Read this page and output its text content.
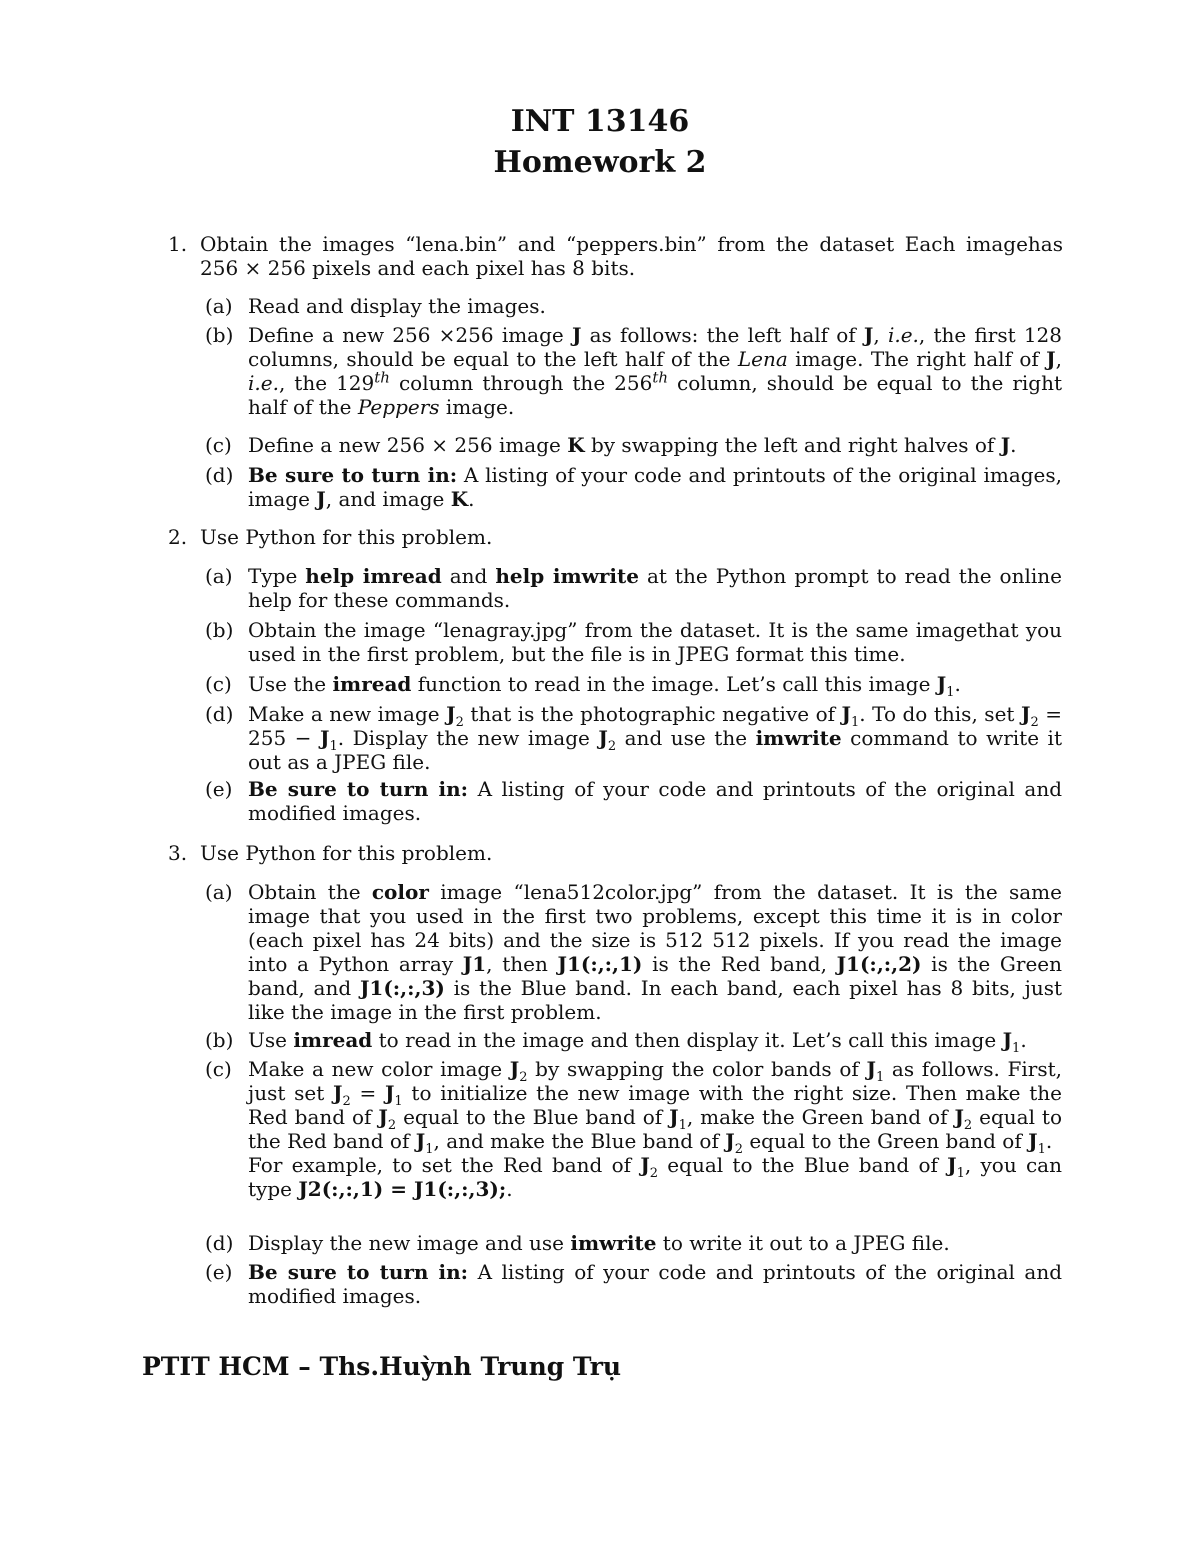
INT 13146
Homework 2
1. Obtain the images “lena.bin” and “peppers.bin” from the dataset Each imagehas 256 × 256 pixels and each pixel has 8 bits.
(a) Read and display the images.
(b) Define a new 256 ×256 image J as follows: the left half of J, i.e., the first 128 columns, should be equal to the left half of the Lena image. The right half of J, i.e., the 129th column through the 256th column, should be equal to the right half of the Peppers image.
(c) Define a new 256 × 256 image K by swapping the left and right halves of J.
(d) Be sure to turn in: A listing of your code and printouts of the original images, image J, and image K.
2. Use Python for this problem.
(a) Type help imread and help imwrite at the Python prompt to read the online help for these commands.
(b) Obtain the image “lenagray.jpg” from the dataset. It is the same imagethat you used in the first problem, but the file is in JPEG format this time.
(c) Use the imread function to read in the image. Let’s call this image $J_1$.
(d) Make a new image $J_2$ that is the photographic negative of $J_1$. To do this, set $J_2 = 255 - J_1$. Display the new image $J_2$ and use the imwrite command to write it out as a JPEG file.
(e) Be sure to turn in: A listing of your code and printouts of the original and modified images.
3. Use Python for this problem.
(a) Obtain the color image “lena512color.jpg” from the dataset. It is the same image that you used in the first two problems, except this time it is in color (each pixel has 24 bits) and the size is 512 512 pixels. If you read the image into a Python array J1, then J1(:,:,1) is the Red band, J1(:,:,2) is the Green band, and J1(:,:,3) is the Blue band. In each band, each pixel has 8 bits, just like the image in the first problem.
(b) Use imread to read in the image and then display it. Let’s call this image $J_1$.
(c) Make a new color image $J_2$ by swapping the color bands of $J_1$ as follows. First, just set $J_2 = J_1$ to initialize the new image with the right size. Then make the Red band of $J_2$ equal to the Blue band of $J_1$, make the Green band of $J_2$ equal to the Red band of $J_1$, and make the Blue band of $J_2$ equal to the Green band of $J_1$.
For example, to set the Red band of $J_2$ equal to the Blue band of $J_1$, you can type J2(:,:,1) = J1(:,:,3);.
(d) Display the new image and use imwrite to write it out to a JPEG file.
(e) Be sure to turn in: A listing of your code and printouts of the original and modified images.
PTIT HCM – Ths.Huỳnh Trung Trụ
